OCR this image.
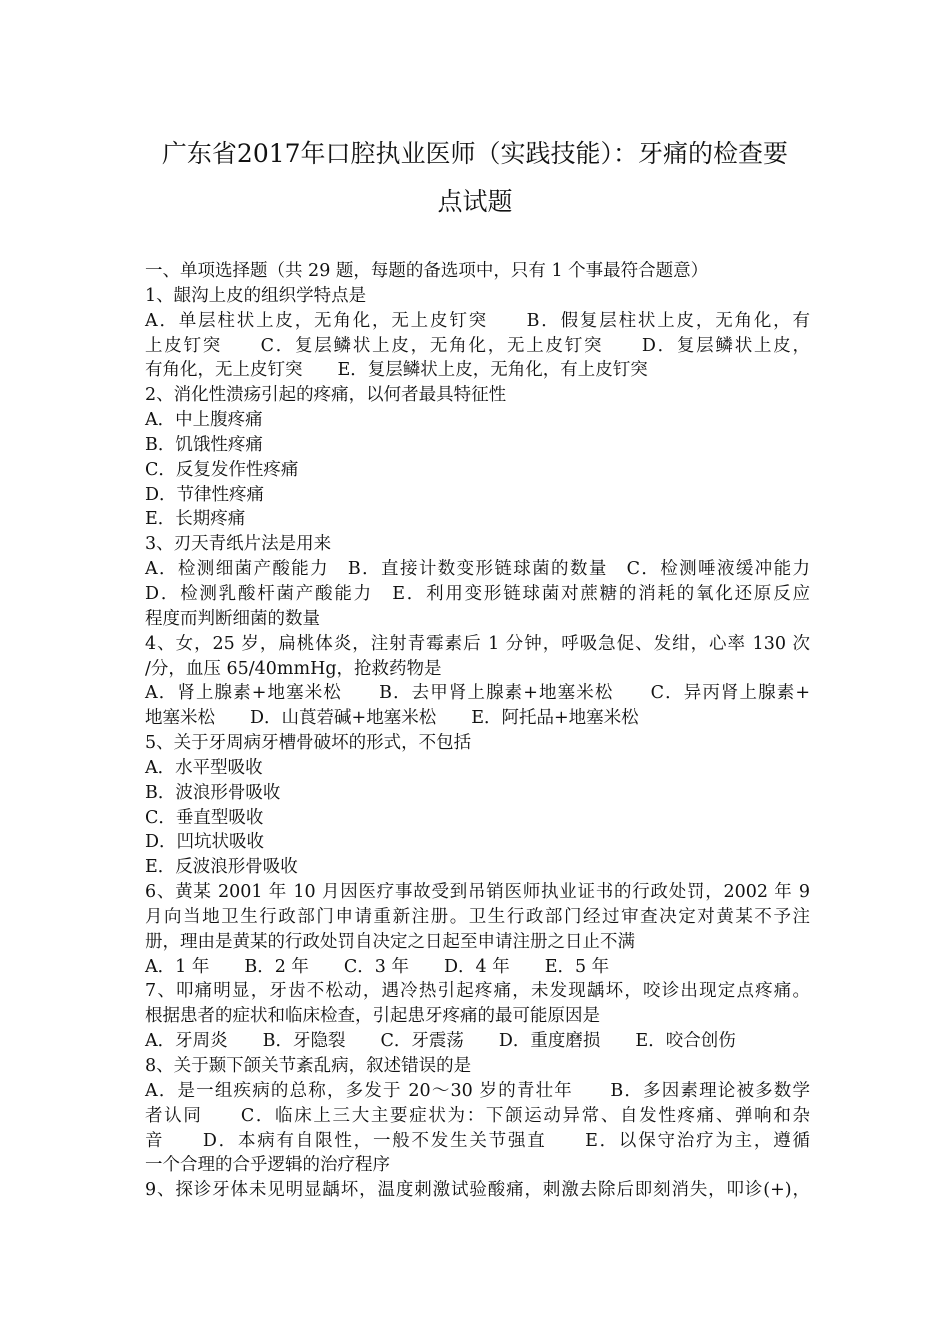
广东省2017年口腔执业医师（实践技能）：牙痛的检查要
点试题
一、单项选择题（共 29 题，每题的备选项中，只有 1 个事最符合题意）
1、龈沟上皮的组织学特点是
A．单层柱状上皮，无角化，无上皮钉突　　B．假复层柱状上皮，无角化，有
上皮钉突　　C．复层鳞状上皮，无角化，无上皮钉突　　D．复层鳞状上皮，
有角化，无上皮钉突　　E．复层鳞状上皮，无角化，有上皮钉突
2、消化性溃疡引起的疼痛，以何者最具特征性
A．中上腹疼痛
B．饥饿性疼痛
C．反复发作性疼痛
D．节律性疼痛
E．长期疼痛
3、刃天青纸片法是用来
A．检测细菌产酸能力　B．直接计数变形链球菌的数量　C．检测唾液缓冲能力
D．检测乳酸杆菌产酸能力　E．利用变形链球菌对蔗糖的消耗的氧化还原反应
程度而判断细菌的数量
4、女，25 岁，扁桃体炎，注射青霉素后 1 分钟，呼吸急促、发绀，心率 130 次
/分，血压 65/40mmHg，抢救药物是
A．肾上腺素+地塞米松　　B．去甲肾上腺素+地塞米松　　C．异丙肾上腺素+
地塞米松　　D．山莨菪碱+地塞米松　　E．阿托品+地塞米松
5、关于牙周病牙槽骨破坏的形式，不包括
A．水平型吸收
B．波浪形骨吸收
C．垂直型吸收
D．凹坑状吸收
E．反波浪形骨吸收
6、黄某 2001 年 10 月因医疗事故受到吊销医师执业证书的行政处罚，2002 年 9
月向当地卫生行政部门申请重新注册。卫生行政部门经过审查决定对黄某不予注
册，理由是黄某的行政处罚自决定之日起至申请注册之日止不满
A．1 年　　B．2 年　　C．3 年　　D．4 年　　E．5 年
7、叩痛明显，牙齿不松动，遇冷热引起疼痛，未发现龋坏，咬诊出现定点疼痛。
根据患者的症状和临床检查，引起患牙疼痛的最可能原因是
A．牙周炎　　B．牙隐裂　　C．牙震荡　　D．重度磨损　　E．咬合创伤
8、关于颞下颌关节紊乱病，叙述错误的是
A．是一组疾病的总称，多发于 20～30 岁的青壮年　　B．多因素理论被多数学
者认同　　C．临床上三大主要症状为：下颌运动异常、自发性疼痛、弹响和杂
音　　D．本病有自限性，一般不发生关节强直　　E．以保守治疗为主，遵循
一个合理的合乎逻辑的治疗程序
9、探诊牙体未见明显龋坏，温度刺激试验酸痛，刺激去除后即刻消失，叩诊(+)，
